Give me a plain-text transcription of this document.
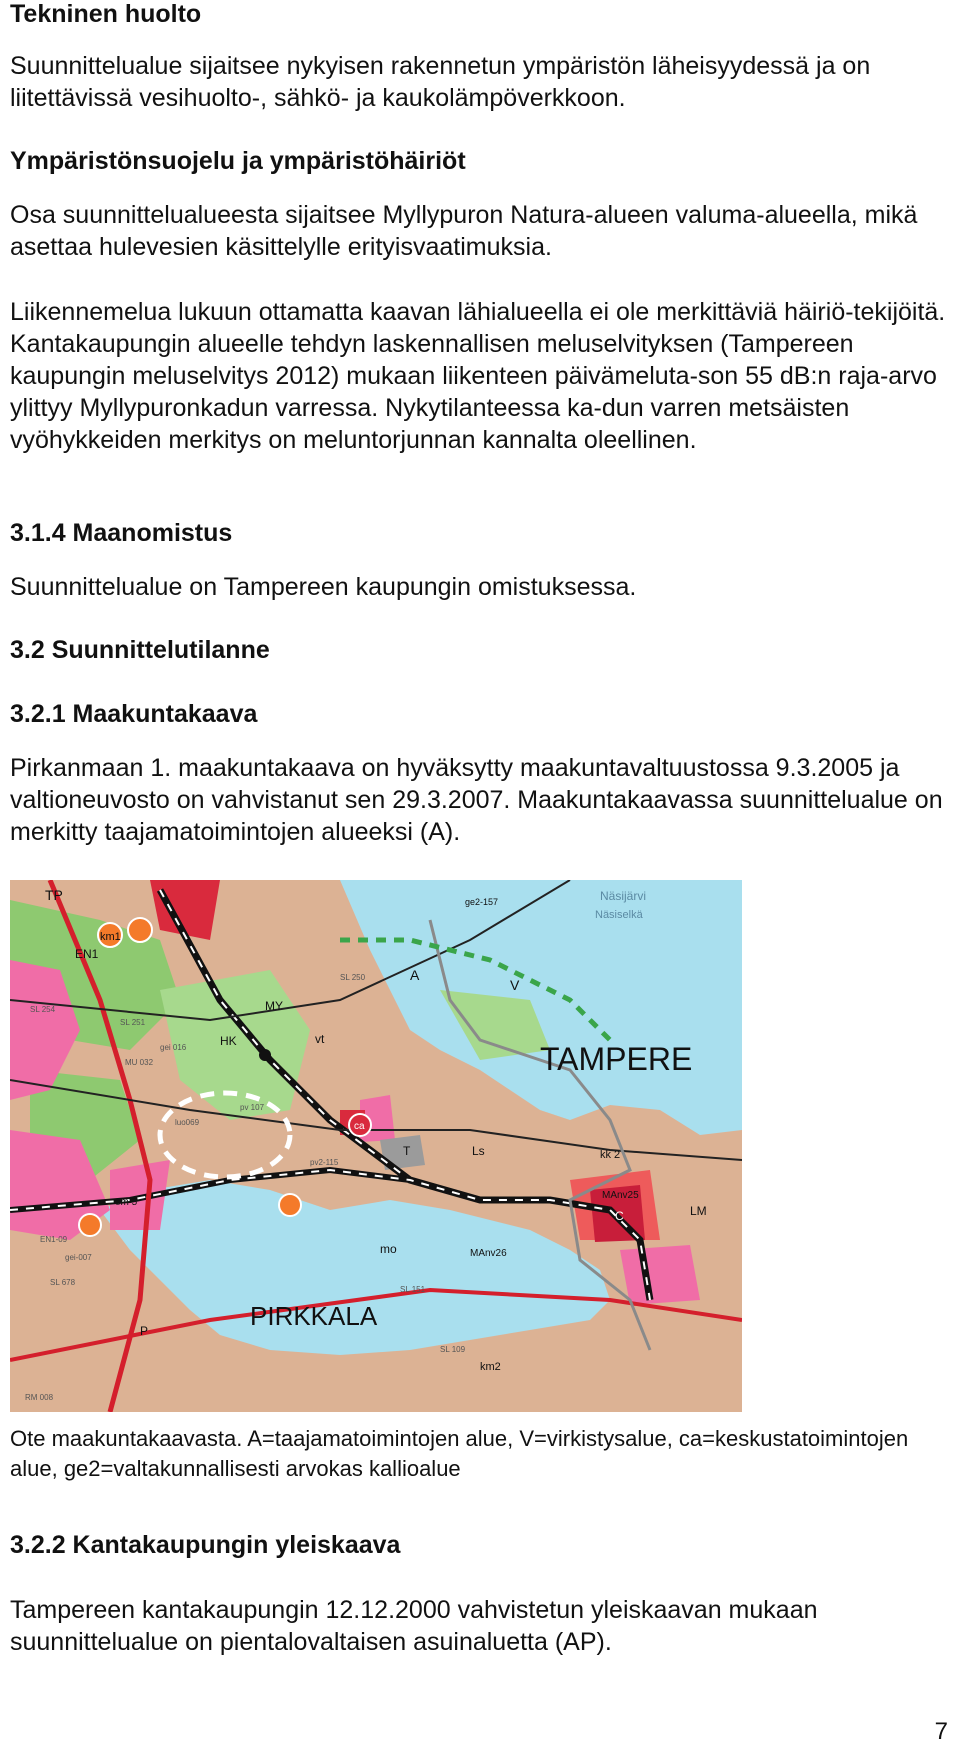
Tekninen huolto

Suunnittelualue sijaitsee nykyisen rakennetun ympäristön läheisyydessä ja on liitettävissä vesihuolto-, sähkö- ja kaukolämpöverkkoon.

Ympäristönsuojelu ja ympäristöhäiriöt

Osa suunnittelualueesta sijaitsee Myllypuron Natura-alueen valuma-alueella, mikä asettaa hulevesien käsittelylle erityisvaatimuksia.

Liikennemelua lukuun ottamatta kaavan lähialueella ei ole merkittäviä häiriö-tekijöitä. Kantakaupungin alueelle tehdyn laskennallisen meluselvityksen (Tampereen kaupungin meluselvitys 2012) mukaan liikenteen päivämeluta-son 55 dB:n raja-arvo ylittyy Myllypuronkadun varressa. Nykytilanteessa ka-dun varren metsäisten vyöhykkeiden merkitys on meluntorjunnan kannalta oleellinen.

3.1.4 Maanomistus

Suunnittelualue on Tampereen kaupungin omistuksessa.

3.2 Suunnittelutilanne
3.2.1 Maakuntakaava

Pirkanmaan 1. maakuntakaava on hyväksytty maakuntavaltuustossa 9.3.2005 ja valtioneuvosto on vahvistanut sen 29.3.2007. Maakuntakaavassa suunnittelualue on merkitty taajamatoimintojen alueeksi (A).

TAMPERE
PIRKKALA
Näsijärvi
Näsiselkä
TP
km1
A
V
EN1
MY
vt
HK
T	Ls
LM
C
P
ca
mo
em 5
MAnv25
MAnv26
kk 2
km2
ge2-157
SL 250
SL 254
SL 251
SL 151
SL 109
SL 678
RM 008
pv 107
pv2-115
luo069
gei 016
MU 032
EN1-09
gei-007

Ote maakuntakaavasta. A=taajamatoimintojen alue, V=virkistysalue, ca=keskustatoimintojen alue, ge2=valtakunnallisesti arvokas kallioalue

3.2.2 Kantakaupungin yleiskaava

Tampereen kantakaupungin 12.12.2000 vahvistetun yleiskaavan mukaan suunnittelualue on pientalovaltaisen asuinaluetta (AP).

7
